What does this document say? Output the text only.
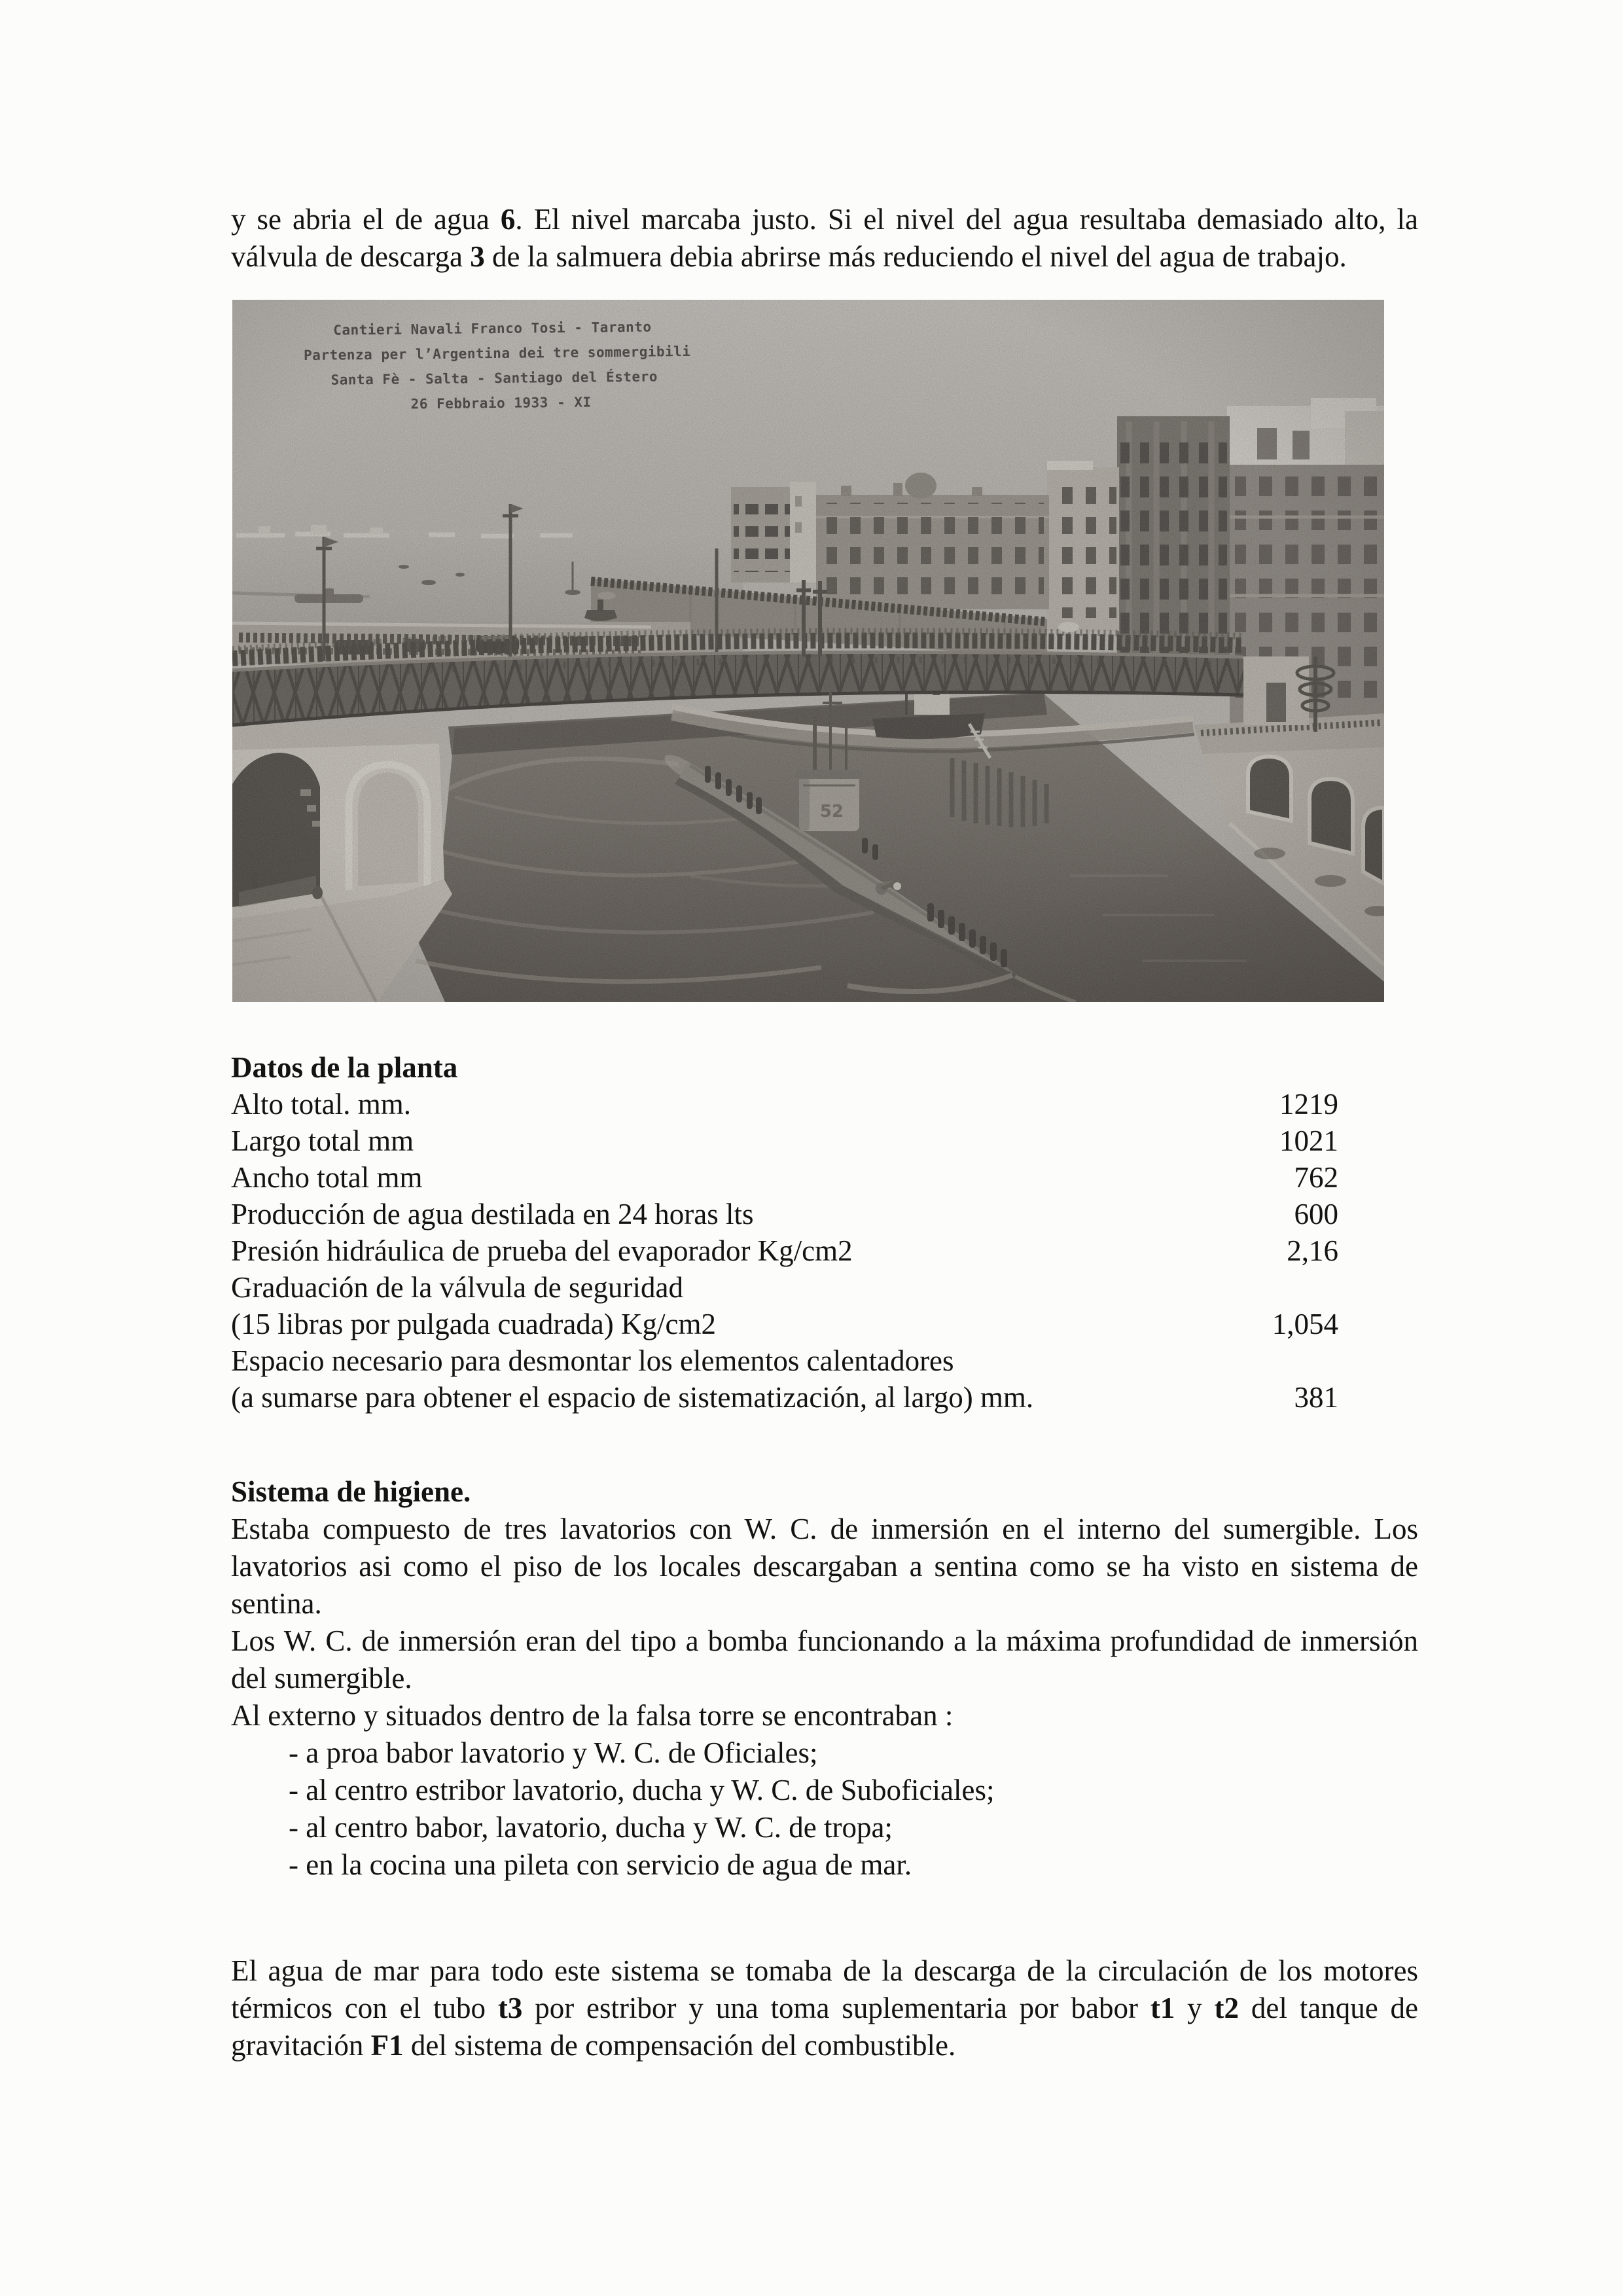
y se abria el de agua 6. El nivel marcaba justo. Si el nivel del agua resultaba demasiado alto, la válvula de descarga 3 de la salmuera debia abrirse más reduciendo el nivel del agua de trabajo.

Cantieri Navali Franco Tosi - Taranto
Partenza per l’Argentina dei tre sommergibili
Santa Fè - Salta - Santiago del Éstero
26 Febbraio 1933 - XI
Datos de la planta
Alto total. mm.	1219
Largo total mm	1021
Ancho total mm	762
Producción de agua destilada en 24 horas lts	600
Presión hidráulica de prueba del evaporador Kg/cm2	2,16
Graduación de la válvula de seguridad
(15 libras por pulgada cuadrada) Kg/cm2	1,054
Espacio necesario para desmontar los elementos calentadores
(a sumarse para obtener el espacio de sistematización, al largo) mm.	381
Sistema de higiene.

Estaba compuesto de tres lavatorios con W. C. de inmersión en el interno del sumergible. Los lavatorios asi como el piso de los locales descargaban a sentina como se ha visto en sistema de sentina.

Los W. C. de inmersión eran del tipo a bomba funcionando a la máxima profundidad de inmersión del sumergible.

Al externo y situados dentro de la falsa torre se encontraban :

- a proa babor lavatorio y W. C. de Oficiales;

- al centro estribor lavatorio, ducha y W. C. de Suboficiales;

- al centro babor, lavatorio, ducha y W. C. de tropa;

- en la cocina una pileta con servicio de agua de mar.

El agua de mar para todo este sistema se tomaba de la descarga de la circulación de los motores térmicos con el tubo t3 por estribor y una toma suplementaria por babor t1 y t2 del tanque de gravitación F1 del sistema de compensación del combustible.
